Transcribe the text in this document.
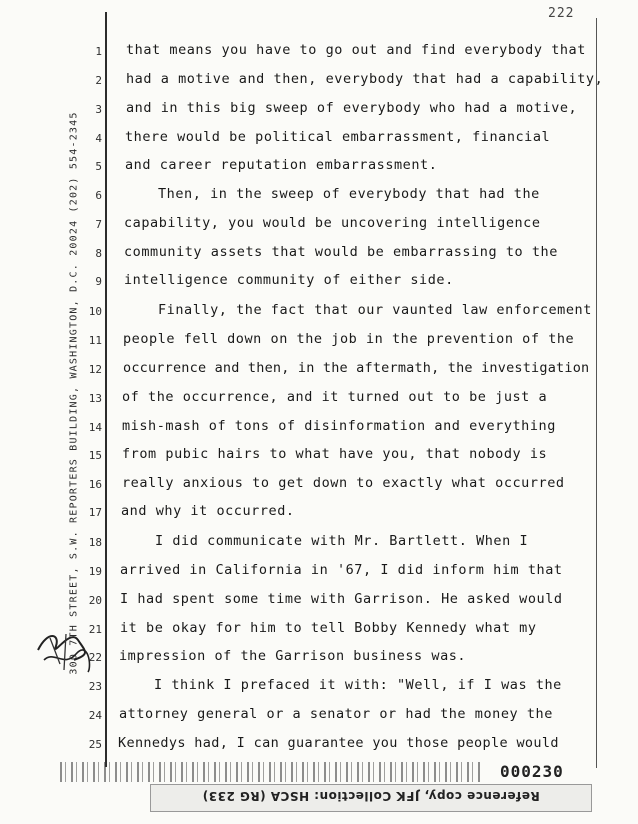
222
300 7TH STREET, S.W. REPORTERS BUILDING, WASHINGTON, D.C. 20024 (202) 554-2345
1 that means you have to go out and find everybody that
2 had a motive and then, everybody that had a capability,
3 and in this big sweep of everybody who had a motive,
4 there would be political embarrassment, financial
5 and career reputation embarrassment.
6	Then, in the sweep of everybody that had the
7 capability, you would be uncovering intelligence
8 community assets that would be embarrassing to the
9 intelligence community of either side.
10	Finally, the fact that our vaunted law enforcement
11 people fell down on the job in the prevention of the
12 occurrence and then, in the aftermath, the investigation
13 of the occurrence, and it turned out to be just a
14 mish-mash of tons of disinformation and everything
15 from pubic hairs to what have you, that nobody is
16 really anxious to get down to exactly what occurred
17 and why it occurred.
18	I did communicate with Mr. Bartlett. When I
19 arrived in California in '67, I did inform him that
20 I had spent some time with Garrison. He asked would
21 it be okay for him to tell Bobby Kennedy what my
22 impression of the Garrison business was.
23	I think I prefaced it with: "Well, if I was the
24 attorney general or a senator or had the money the
25 Kennedys had, I can guarantee you those people would
000230
Reference copy, JFK Collection: HSCA (RG 233)
